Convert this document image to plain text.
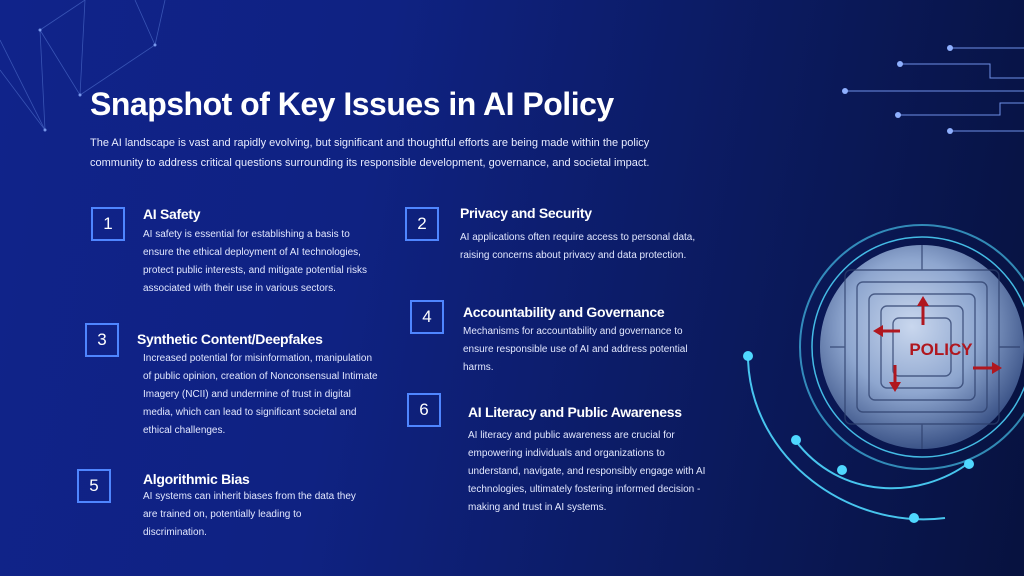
Snapshot of Key Issues in AI Policy
The AI landscape is vast and rapidly evolving, but significant and thoughtful efforts are being made within the policy community to address critical questions surrounding its responsible development, governance, and societal impact.
1	AI Safety
AI safety is essential for establishing a basis to ensure the ethical deployment of AI technologies, protect public interests, and mitigate potential risks associated with their use in various sectors.
2
Privacy and Security
AI applications often require access to personal data, raising concerns about privacy and data protection.
3	Synthetic Content/Deepfakes
Increased potential for misinformation, manipulation of public opinion, creation of Nonconsensual Intimate Imagery (NCII) and undermine of trust in digital media, which can lead to significant societal and ethical challenges.
4	Accountability and Governance
Mechanisms for accountability and governance to ensure responsible use of AI and address potential harms.
5	Algorithmic Bias
AI systems can inherit biases from the data they are trained on, potentially leading to discrimination.
6	AI Literacy and Public Awareness
AI literacy and public awareness are crucial for empowering individuals and organizations to understand, navigate, and responsibly engage with AI technologies, ultimately fostering informed decision - making and trust in AI systems.
POLICY
